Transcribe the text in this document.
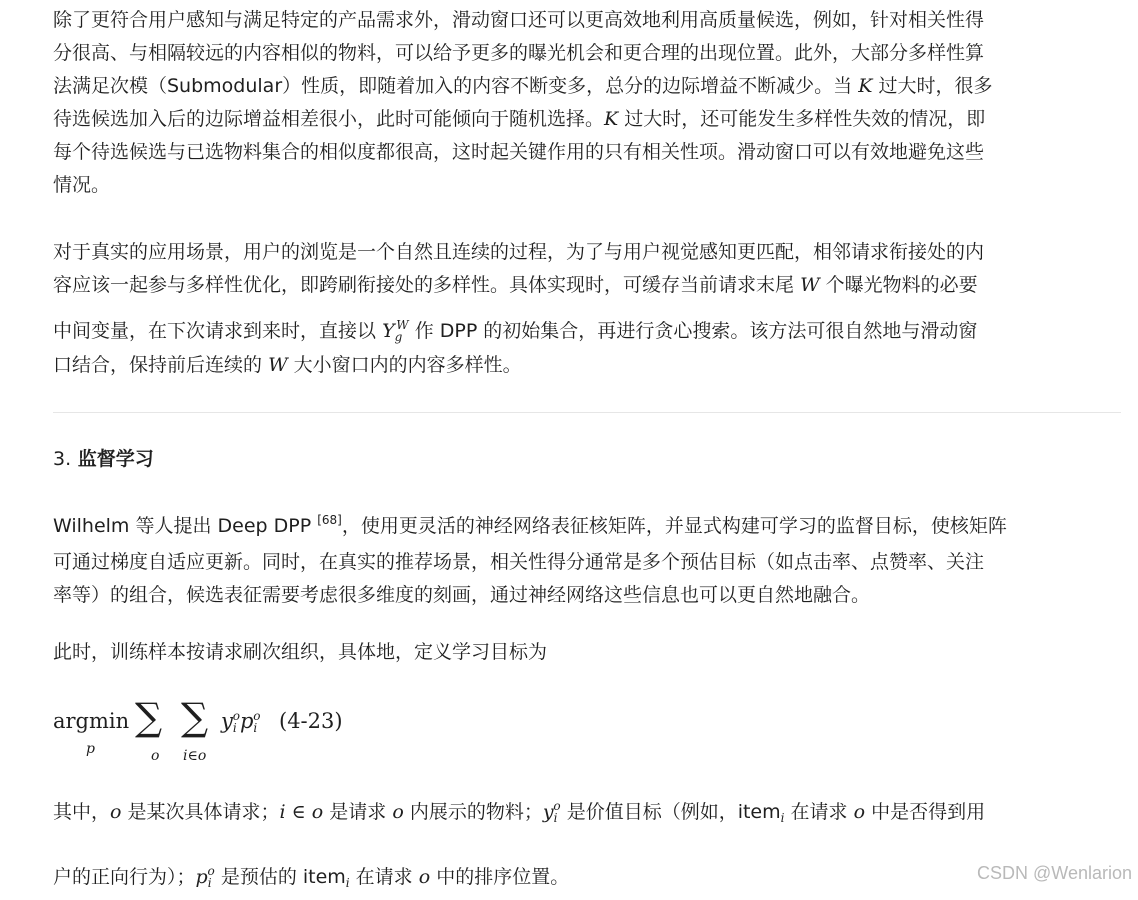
除了更符合用户感知与满足特定的产品需求外，滑动窗口还可以更高效地利用高质量候选，例如，针对相关性得
分很高、与相隔较远的内容相似的物料，可以给予更多的曝光机会和更合理的出现位置。此外，大部分多样性算
法满足次模（Submodular）性质，即随着加入的内容不断变多，总分的边际增益不断减少。当 K 过大时，很多
待选候选加入后的边际增益相差很小，此时可能倾向于随机选择。K 过大时，还可能发生多样性失效的情况，即
每个待选候选与已选物料集合的相似度都很高，这时起关键作用的只有相关性项。滑动窗口可以有效地避免这些
情况。

对于真实的应用场景，用户的浏览是一个自然且连续的过程，为了与用户视觉感知更匹配，相邻请求衔接处的内
容应该一起参与多样性优化，即跨刷衔接处的多样性。具体实现时，可缓存当前请求末尾 W 个曝光物料的必要
中间变量，在下次请求到来时，直接以 $Y_g^W$ 作 DPP 的初始集合，再进行贪心搜索。该方法可很自然地与滑动窗
口结合，保持前后连续的 W 大小窗口内的内容多样性。

3. 监督学习

Wilhelm 等人提出 Deep DPP [68]，使用更灵活的神经网络表征核矩阵，并显式构建可学习的监督目标，使核矩阵
可通过梯度自适应更新。同时，在真实的推荐场景，相关性得分通常是多个预估目标（如点击率、点赞率、关注
率等）的组合，候选表征需要考虑很多维度的刻画，通过神经网络这些信息也可以更自然地融合。

此时，训练样本按请求刷次组织，具体地，定义学习目标为

argmin
p
∑
o
∑
i∈o
$y_i^op_i^o$ (4-23)

其中，o 是某次具体请求；i ∈ o 是请求 o 内展示的物料；$y_i^o$ 是价值目标（例如，item$_i$ 在请求 o 中是否得到用
户的正向行为）；$p_i^o$ 是预估的 item$_i$ 在请求 o 中的排序位置。	CSDN @Wenlarion
